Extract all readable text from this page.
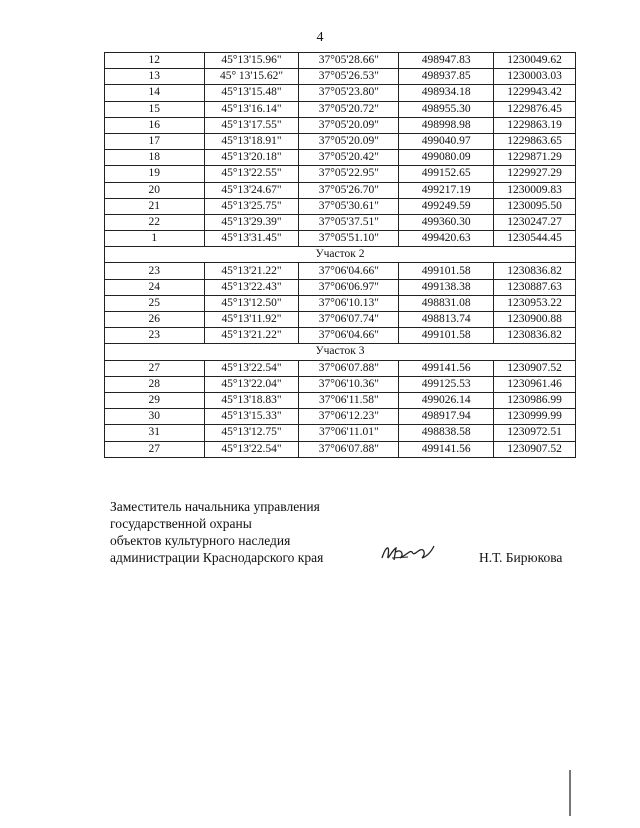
4
12	45°13'15.96"	37°05'28.66"	498947.83	1230049.62
13	45° 13'15.62"	37°05'26.53"	498937.85	1230003.03
14	45°13'15.48"	37°05'23.80"	498934.18	1229943.42
15	45°13'16.14"	37°05'20.72"	498955.30	1229876.45
16	45°13'17.55"	37°05'20.09"	498998.98	1229863.19
17	45°13'18.91"	37°05'20.09"	499040.97	1229863.65
18	45°13'20.18"	37°05'20.42"	499080.09	1229871.29
19	45°13'22.55"	37°05'22.95"	499152.65	1229927.29
20	45°13'24.67"	37°05'26.70"	499217.19	1230009.83
21	45°13'25.75"	37°05'30.61"	499249.59	1230095.50
22	45°13'29.39"	37°05'37.51"	499360.30	1230247.27
1	45°13'31.45"	37°05'51.10"	499420.63	1230544.45
Участок 2				
23	45°13'21.22"	37°06'04.66"	499101.58	1230836.82
24	45°13'22.43"	37°06'06.97"	499138.38	1230887.63
25	45°13'12.50"	37°06'10.13"	498831.08	1230953.22
26	45°13'11.92"	37°06'07.74"	498813.74	1230900.88
23	45°13'21.22"	37°06'04.66"	499101.58	1230836.82
Участок 3				
27	45°13'22.54"	37°06'07.88"	499141.56	1230907.52
28	45°13'22.04"	37°06'10.36"	499125.53	1230961.46
29	45°13'18.83"	37°06'11.58"	499026.14	1230986.99
30	45°13'15.33"	37°06'12.23"	498917.94	1230999.99
31	45°13'12.75"	37°06'11.01"	498838.58	1230972.51
27	45°13'22.54"	37°06'07.88"	499141.56	1230907.52
Заместитель начальника управления
государственной охраны
объектов культурного наследия
администрации Краснодарского края	Н.Т. Бирюкова
